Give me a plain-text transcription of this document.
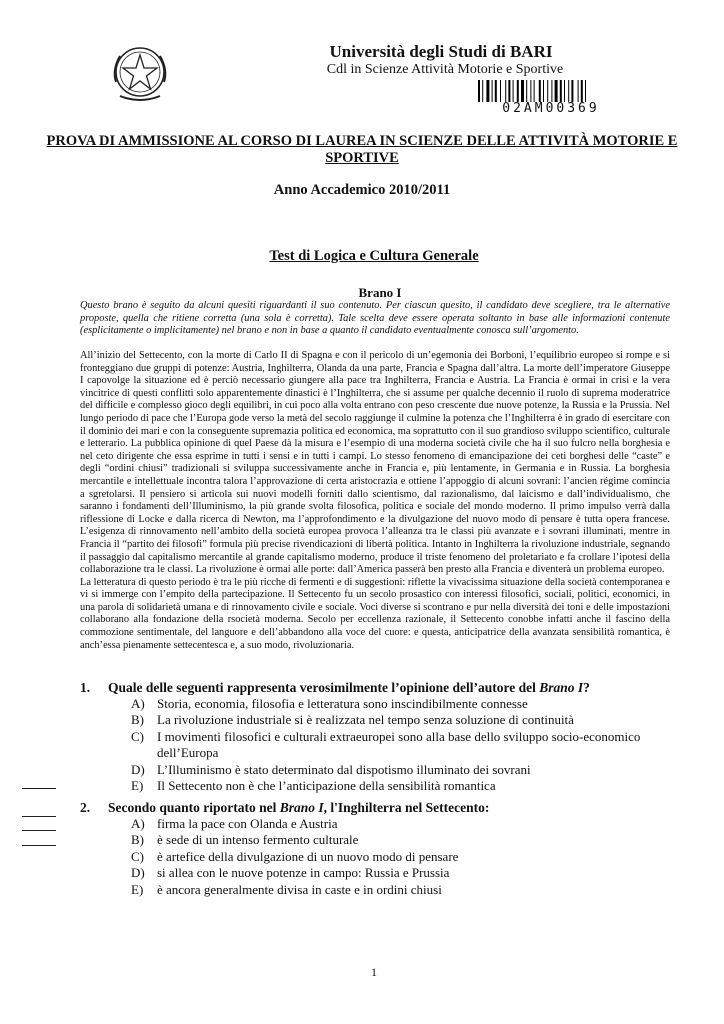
Università degli Studi di BARI
Cdl in Scienze Attività Motorie e Sportive
02AM00369
PROVA DI AMMISSIONE AL CORSO DI LAUREA IN SCIENZE DELLE ATTIVITÀ MOTORIE E SPORTIVE
Anno Accademico 2010/2011
Test di Logica e Cultura Generale
Brano I
Questo brano è seguito da alcuni quesiti riguardanti il suo contenuto. Per ciascun quesito, il candidato deve scegliere, tra le alternative proposte, quella che ritiene corretta (una sola è corretta). Tale scelta deve essere operata soltanto in base alle informazioni contenute (esplicitamente o implicitamente) nel brano e non in base a quanto il candidato eventualmente conosca sull’argomento.

All’inizio del Settecento, con la morte di Carlo II di Spagna e con il pericolo di un’egemonia dei Borboni, l’equilibrio europeo si rompe e si fronteggiano due gruppi di potenze: Austria, Inghilterra, Olanda da una parte, Francia e Spagna dall’altra. La morte dell’imperatore Giuseppe I capovolge la situazione ed è perciò necessario giungere alla pace tra Inghilterra, Francia e Austria. La Francia è ormai in crisi e la vera vincitrice di questi conflitti solo apparentemente dinastici è l’Inghilterra, che si assume per qualche decennio il ruolo di suprema moderatrice del difficile e complesso gioco degli equilibri, in cui poco alla volta entrano con peso crescente due nuove potenze, la Russia e la Prussia. Nel lungo periodo di pace che l’Europa gode verso la metà del secolo raggiunge il culmine la potenza che l’Inghilterra è in grado di esercitare con il dominio dei mari e con la conseguente supremazia politica ed economica, ma soprattutto con il suo grandioso sviluppo scientifico, culturale e letterario. La pubblica opinione di quel Paese dà la misura e l’esempio di una moderna società civile che ha il suo fulcro nella borghesia e nel ceto dirigente che essa esprime in tutti i sensi e in tutti i campi. Lo stesso fenomeno di emancipazione dei ceti borghesi delle “caste” e degli “ordini chiusi” tradizionali si sviluppa successivamente anche in Francia e, più lentamente, in Germania e in Russia. La borghesia mercantile e intellettuale incontra talora l’approvazione di certa aristocrazia e ottiene l’appoggio di alcuni sovrani: l’ancien régime comincia a sgretolarsi. Il pensiero si articola sui nuovi modelli forniti dallo scientismo, dal razionalismo, dal laicismo e dall’individualismo, che saranno i fondamenti dell’Illuminismo, la più grande svolta filosofica, politica e sociale del mondo moderno. Il primo impulso verrà dalla riflessione di Locke e dalla ricerca di Newton, ma l’approfondimento e la divulgazione del nuovo modo di pensare è tutta opera francese. L’esigenza di rinnovamento nell’ambito della società europea provoca l’alleanza tra le classi più avanzate e i sovrani illuminati, mentre in Francia il “partito dei filosofi” formula più precise rivendicazioni di libertà politica. Intanto in Inghilterra la rivoluzione industriale, segnando il passaggio dal capitalismo mercantile al grande capitalismo moderno, produce il triste fenomeno del proletariato e fa crollare l’ipotesi della collaborazione tra le classi. La rivoluzione è ormai alle porte: dall’America passerà ben presto alla Francia e diventerà un problema europeo.

La letteratura di questo periodo è tra le più ricche di fermenti e di suggestioni: riflette la vivacissima situazione della società contemporanea e vi si immerge con l’empito della partecipazione. Il Settecento fu un secolo prosastico con interessi filosofici, sociali, politici, economici, in una parola di solidarietà umana e di rinnovamento civile e sociale. Voci diverse si scontrano e pur nella diversità dei toni e delle impostazioni collaborano alla fondazione della rsocietà moderna. Secolo per eccellenza razionale, il Settecento conobbe infatti anche il fascino della commozione sentimentale, del languore e dell’abbandono alla voce del cuore: e questa, anticipatrice della avanzata sensibilità romantica, è anch’essa pienamente settecentesca e, a suo modo, rivoluzionaria.

1. Quale delle seguenti rappresenta verosimilmente l’opinione dell’autore del Brano I?
A) Storia, economia, filosofia e letteratura sono inscindibilmente connesse
B)	La rivoluzione industriale si è realizzata nel tempo senza soluzione di continuità
C)	I movimenti filosofici e culturali extraeuropei sono alla base dello sviluppo socio-economico dell’Europa
D) L’Illuminismo è stato determinato dal dispotismo illuminato dei sovrani
E)	Il Settecento non è che l’anticipazione della sensibilità romantica
2. Secondo quanto riportato nel Brano I, l'Inghilterra nel Settecento:
A) firma la pace con Olanda e Austria
B)	è sede di un intenso fermento culturale
C)	è artefice della divulgazione di un nuovo modo di pensare
D) si allea con le nuove potenze in campo: Russia e Prussia
E)	è ancora generalmente divisa in caste e in ordini chiusi
1
